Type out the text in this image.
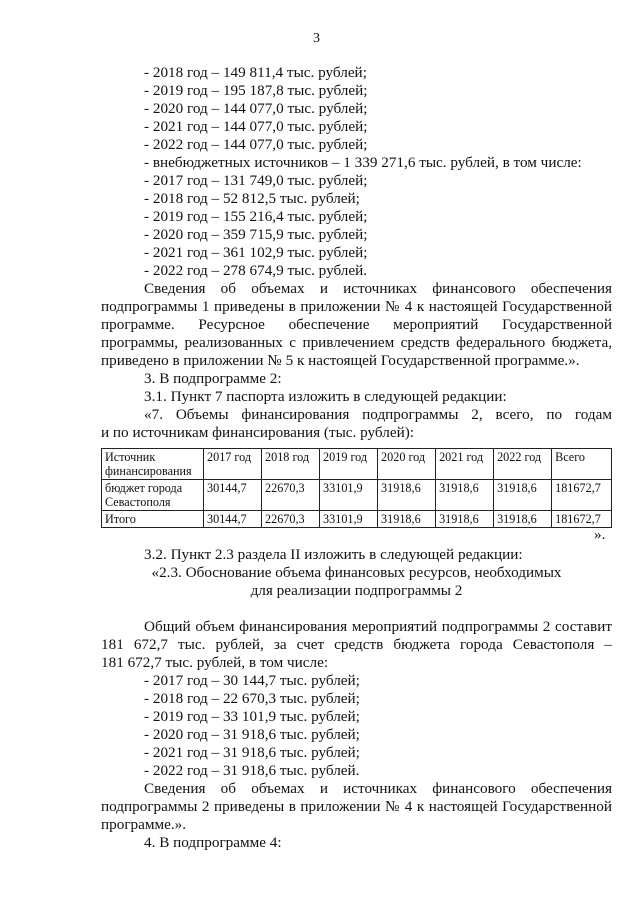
3
- 2018 год – 149 811,4 тыс. рублей;
- 2019 год – 195 187,8 тыс. рублей;
- 2020 год – 144 077,0 тыс. рублей;
- 2021 год – 144 077,0 тыс. рублей;
- 2022 год – 144 077,0 тыс. рублей;
- внебюджетных источников – 1 339 271,6 тыс. рублей, в том числе:
- 2017 год – 131 749,0 тыс. рублей;
- 2018 год – 52 812,5 тыс. рублей;
- 2019 год – 155 216,4 тыс. рублей;
- 2020 год – 359 715,9 тыс. рублей;
- 2021 год – 361 102,9 тыс. рублей;
- 2022 год – 278 674,9 тыс. рублей.
Сведения об объемах и источниках финансового обеспечения
подпрограммы 1 приведены в приложении № 4 к настоящей Государственной
программе. Ресурсное обеспечение мероприятий Государственной
программы, реализованных с привлечением средств федерального бюджета,
приведено в приложении № 5 к настоящей Государственной программе.».
3. В подпрограмме 2:
3.1. Пункт 7 паспорта изложить в следующей редакции:
«7. Объемы финансирования подпрограммы 2, всего, по годам
и по источникам финансирования (тыс. рублей):
Источник финансирования	2017 год	2018 год	2019 год	2020 год	2021 год	2022 год	Всего
бюджет города Севастополя	30144,7	22670,3	33101,9	31918,6	31918,6	31918,6	181672,7
Итого	30144,7	22670,3	33101,9	31918,6	31918,6	31918,6	181672,7
».
3.2. Пункт 2.3 раздела II изложить в следующей редакции:
«2.3. Обоснование объема финансовых ресурсов, необходимых
для реализации подпрограммы 2
Общий объем финансирования мероприятий подпрограммы 2 составит
181 672,7 тыс. рублей, за счет средств бюджета города Севастополя –
181 672,7 тыс. рублей, в том числе:
- 2017 год – 30 144,7 тыс. рублей;
- 2018 год – 22 670,3 тыс. рублей;
- 2019 год – 33 101,9 тыс. рублей;
- 2020 год – 31 918,6 тыс. рублей;
- 2021 год – 31 918,6 тыс. рублей;
- 2022 год – 31 918,6 тыс. рублей.
Сведения об объемах и источниках финансового обеспечения
подпрограммы 2 приведены в приложении № 4 к настоящей Государственной
программе.».
4. В подпрограмме 4:
